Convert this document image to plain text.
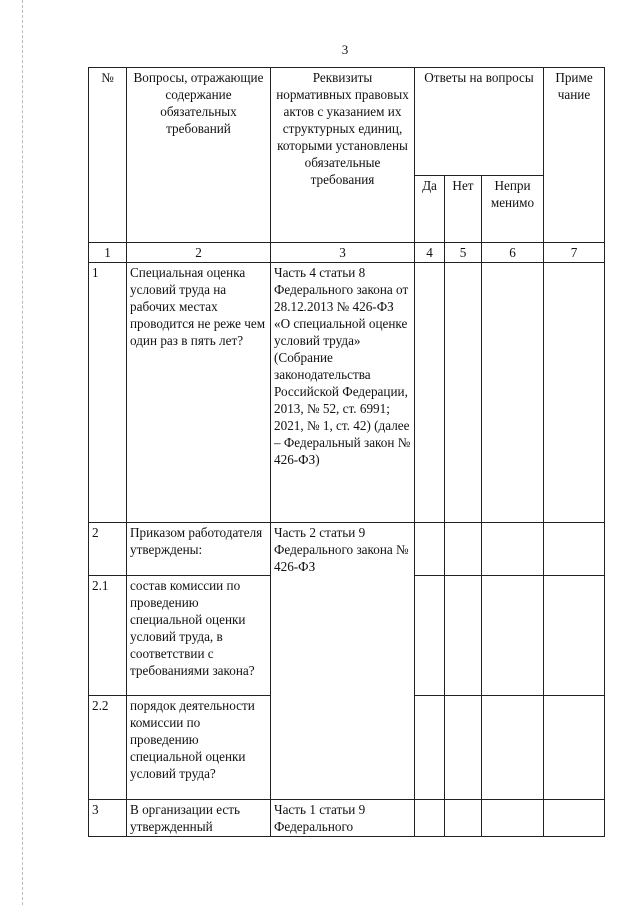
3
№	Вопросы, отражающие содержание обязательных требований	Реквизиты нормативных правовых актов с указанием их структурных единиц, которыми установлены обязательные требования	Ответы на вопросы			Приме чание
			Да	Нет	Непри менимо	
1	2	3	4	5	6	7
1	Специальная оценка условий труда на рабочих местах проводится не реже чем один раз в пять лет?	Часть 4 статьи 8 Федерального закона от 28.12.2013 № 426-ФЗ «О специальной оценке условий труда» (Собрание законодательства Российской Федерации, 2013, № 52, ст. 6991; 2021, № 1, ст. 42) (далее – Федеральный закон № 426-ФЗ)				
2	Приказом работодателя утверждены:	Часть 2 статьи 9 Федерального закона № 426-ФЗ				
2.1	состав комиссии по проведению специальной оценки условий труда, в соответствии с требованиями закона?					
2.2	порядок деятельности комиссии по проведению специальной оценки условий труда?					
3	В организации есть утвержденный	Часть 1 статьи 9 Федерального				
